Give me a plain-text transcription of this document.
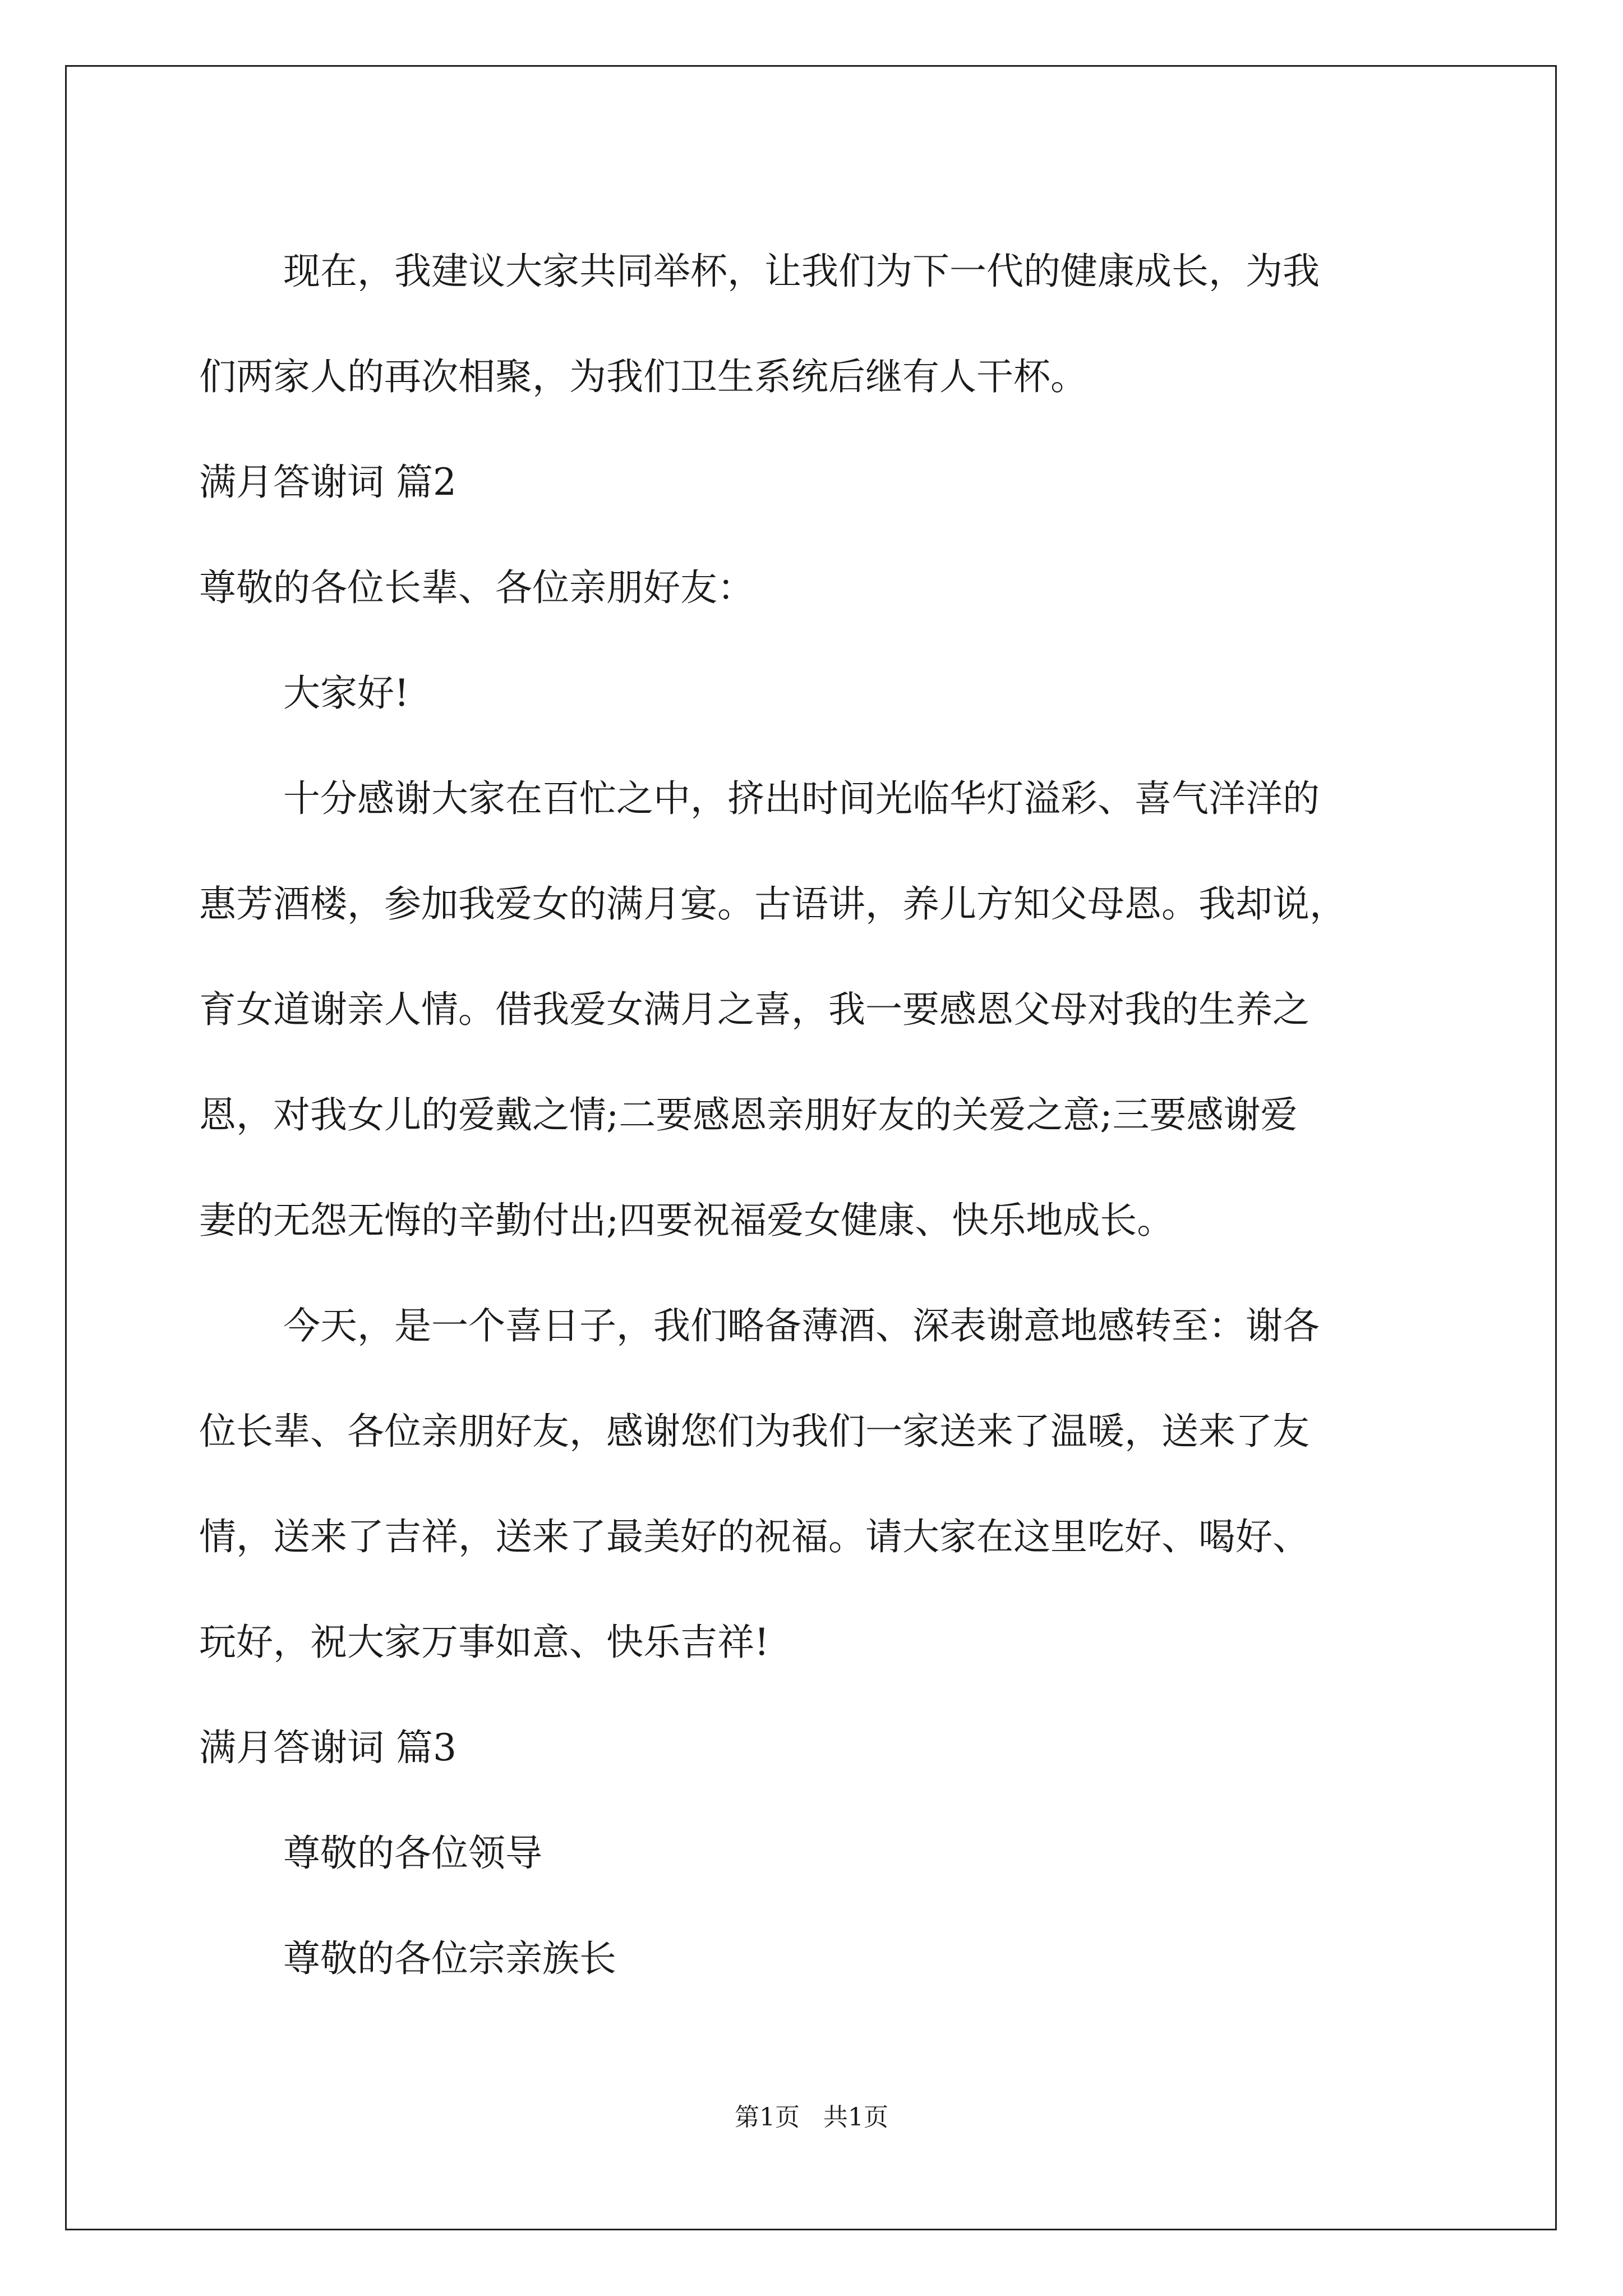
现在，我建议大家共同举杯，让我们为下一代的健康成长，为我

们两家人的再次相聚，为我们卫生系统后继有人干杯。

满月答谢词 篇2

尊敬的各位长辈、各位亲朋好友：

大家好!

十分感谢大家在百忙之中，挤出时间光临华灯溢彩、喜气洋洋的

惠芳酒楼，参加我爱女的满月宴。古语讲，养儿方知父母恩。我却说，

育女道谢亲人情。借我爱女满月之喜，我一要感恩父母对我的生养之

恩，对我女儿的爱戴之情;二要感恩亲朋好友的关爱之意;三要感谢爱

妻的无怨无悔的辛勤付出;四要祝福爱女健康、快乐地成长。

今天，是一个喜日子，我们略备薄酒、深表谢意地感转至：谢各

位长辈、各位亲朋好友，感谢您们为我们一家送来了温暖，送来了友

情，送来了吉祥，送来了最美好的祝福。请大家在这里吃好、喝好、

玩好，祝大家万事如意、快乐吉祥!

满月答谢词 篇3

尊敬的各位领导

尊敬的各位宗亲族长

第1页   共1页
